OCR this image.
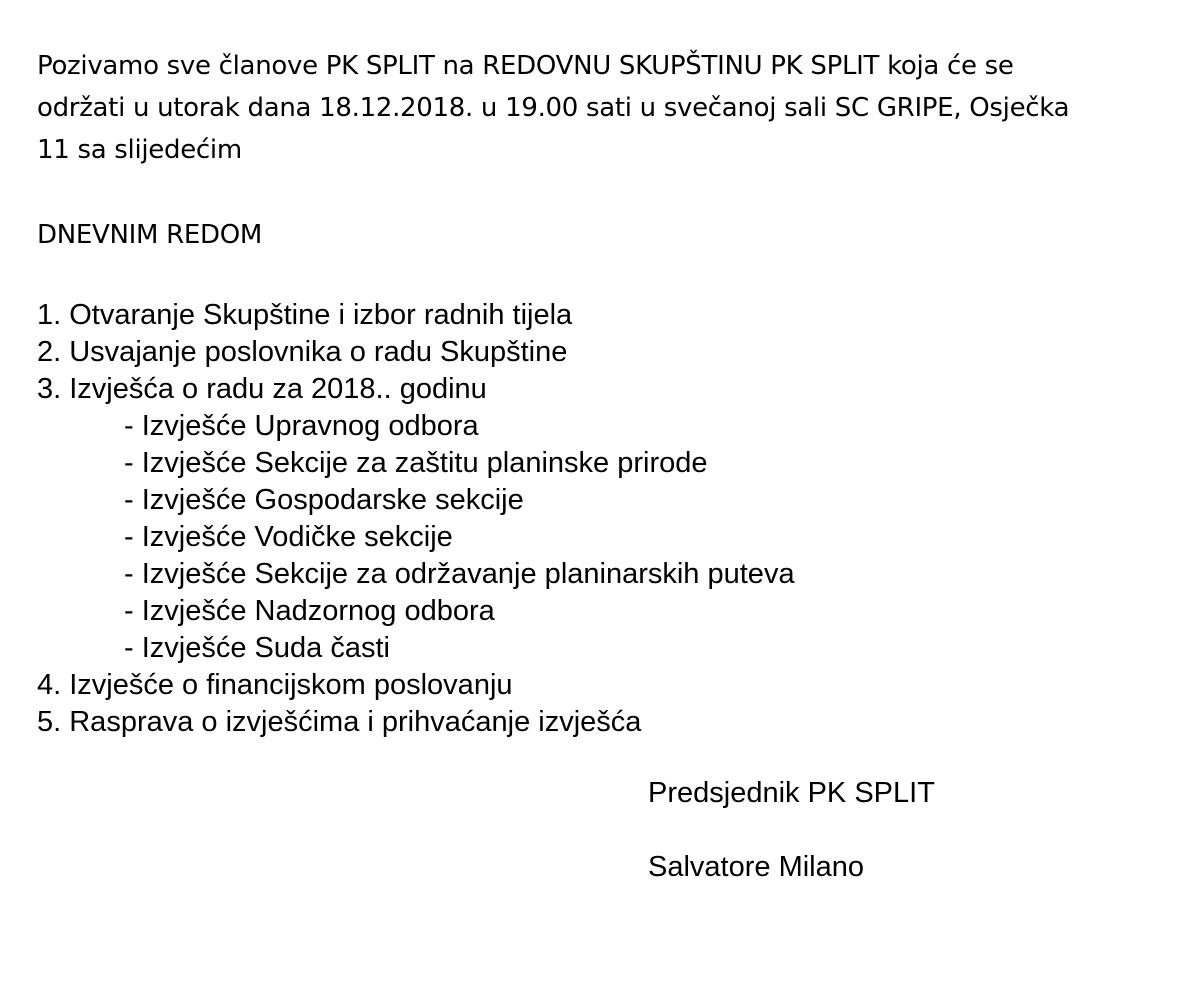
Pozivamo sve članove PK SPLIT na REDOVNU SKUPŠTINU PK SPLIT koja će se
održati u utorak dana 18.12.2018. u 19.00 sati u svečanoj sali SC GRIPE, Osječka
11 sa slijedećim
DNEVNIM REDOM
1. Otvaranje Skupštine i izbor radnih tijela
2. Usvajanje poslovnika o radu Skupštine
3. Izvješća o radu za 2018.. godinu
- Izvješće Upravnog odbora
- Izvješće Sekcije za zaštitu planinske prirode
- Izvješće Gospodarske sekcije
- Izvješće Vodičke sekcije
- Izvješće Sekcije za održavanje planinarskih puteva
- Izvješće Nadzornog odbora
- Izvješće Suda časti
4. Izvješće o financijskom poslovanju
5. Rasprava o izvješćima i prihvaćanje izvješća
Predsjednik PK SPLIT
Salvatore Milano
